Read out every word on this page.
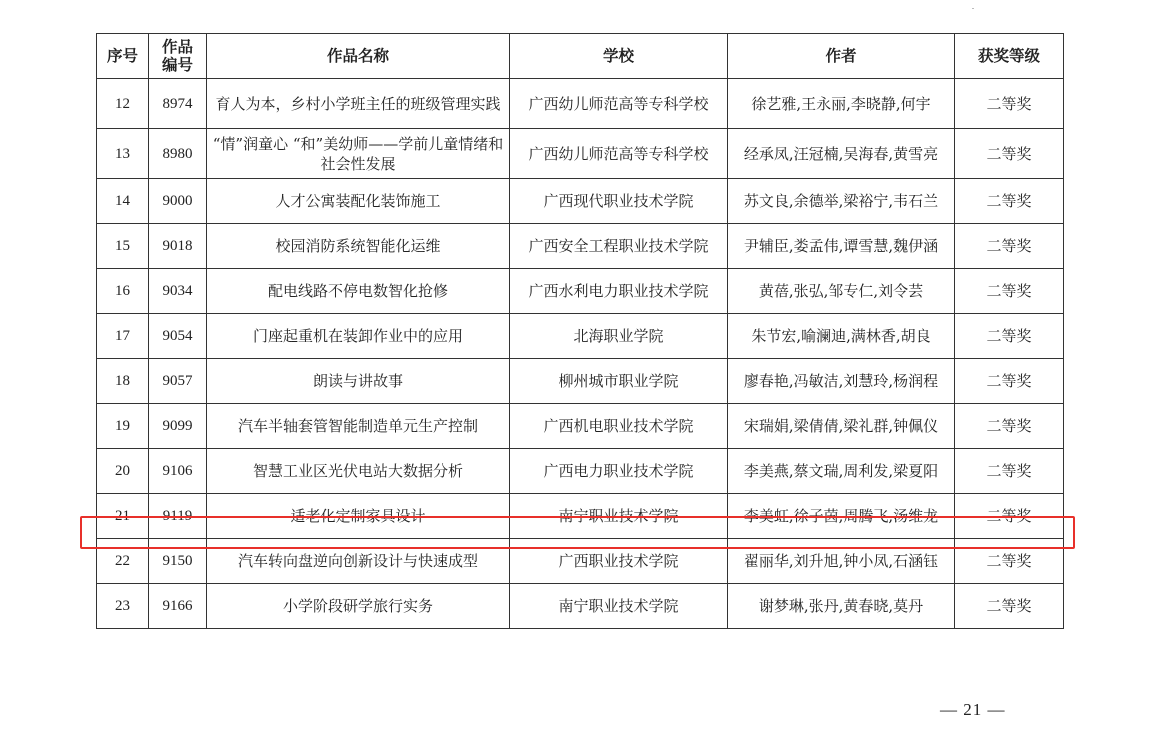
序号	作品编号	作品名称	学校	作者	获奖等级
12	8974	育人为本，乡村小学班主任的班级管理实践	广西幼儿师范高等专科学校	徐艺雅,王永丽,李晓静,何宇	二等奖
13	8980	“情”润童心 “和”美幼师——学前儿童情绪和社会性发展	广西幼儿师范高等专科学校	经承凤,汪冠楠,吴海春,黄雪亮	二等奖
14	9000	人才公寓装配化装饰施工	广西现代职业技术学院	苏文良,余德举,梁裕宁,韦石兰	二等奖
15	9018	校园消防系统智能化运维	广西安全工程职业技术学院	尹辅臣,娄孟伟,谭雪慧,魏伊涵	二等奖
16	9034	配电线路不停电数智化抢修	广西水利电力职业技术学院	黄蓓,张弘,邹专仁,刘令芸	二等奖
17	9054	门座起重机在装卸作业中的应用	北海职业学院	朱节宏,喻澜迪,满林香,胡良	二等奖
18	9057	朗读与讲故事	柳州城市职业学院	廖春艳,冯敏洁,刘慧玲,杨润程	二等奖
19	9099	汽车半轴套管智能制造单元生产控制	广西机电职业技术学院	宋瑞娟,梁倩倩,梁礼群,钟佩仪	二等奖
20	9106	智慧工业区光伏电站大数据分析	广西电力职业技术学院	李美燕,蔡文瑞,周利发,梁夏阳	二等奖
21	9119	适老化定制家具设计	南宁职业技术学院	李美虹,徐子茵,周腾飞,汤维龙	二等奖
22	9150	汽车转向盘逆向创新设计与快速成型	广西职业技术学院	翟丽华,刘升旭,钟小凤,石涵钰	二等奖
23	9166	小学阶段研学旅行实务	南宁职业技术学院	谢梦琳,张丹,黄春晓,莫丹	二等奖
— 21 —
